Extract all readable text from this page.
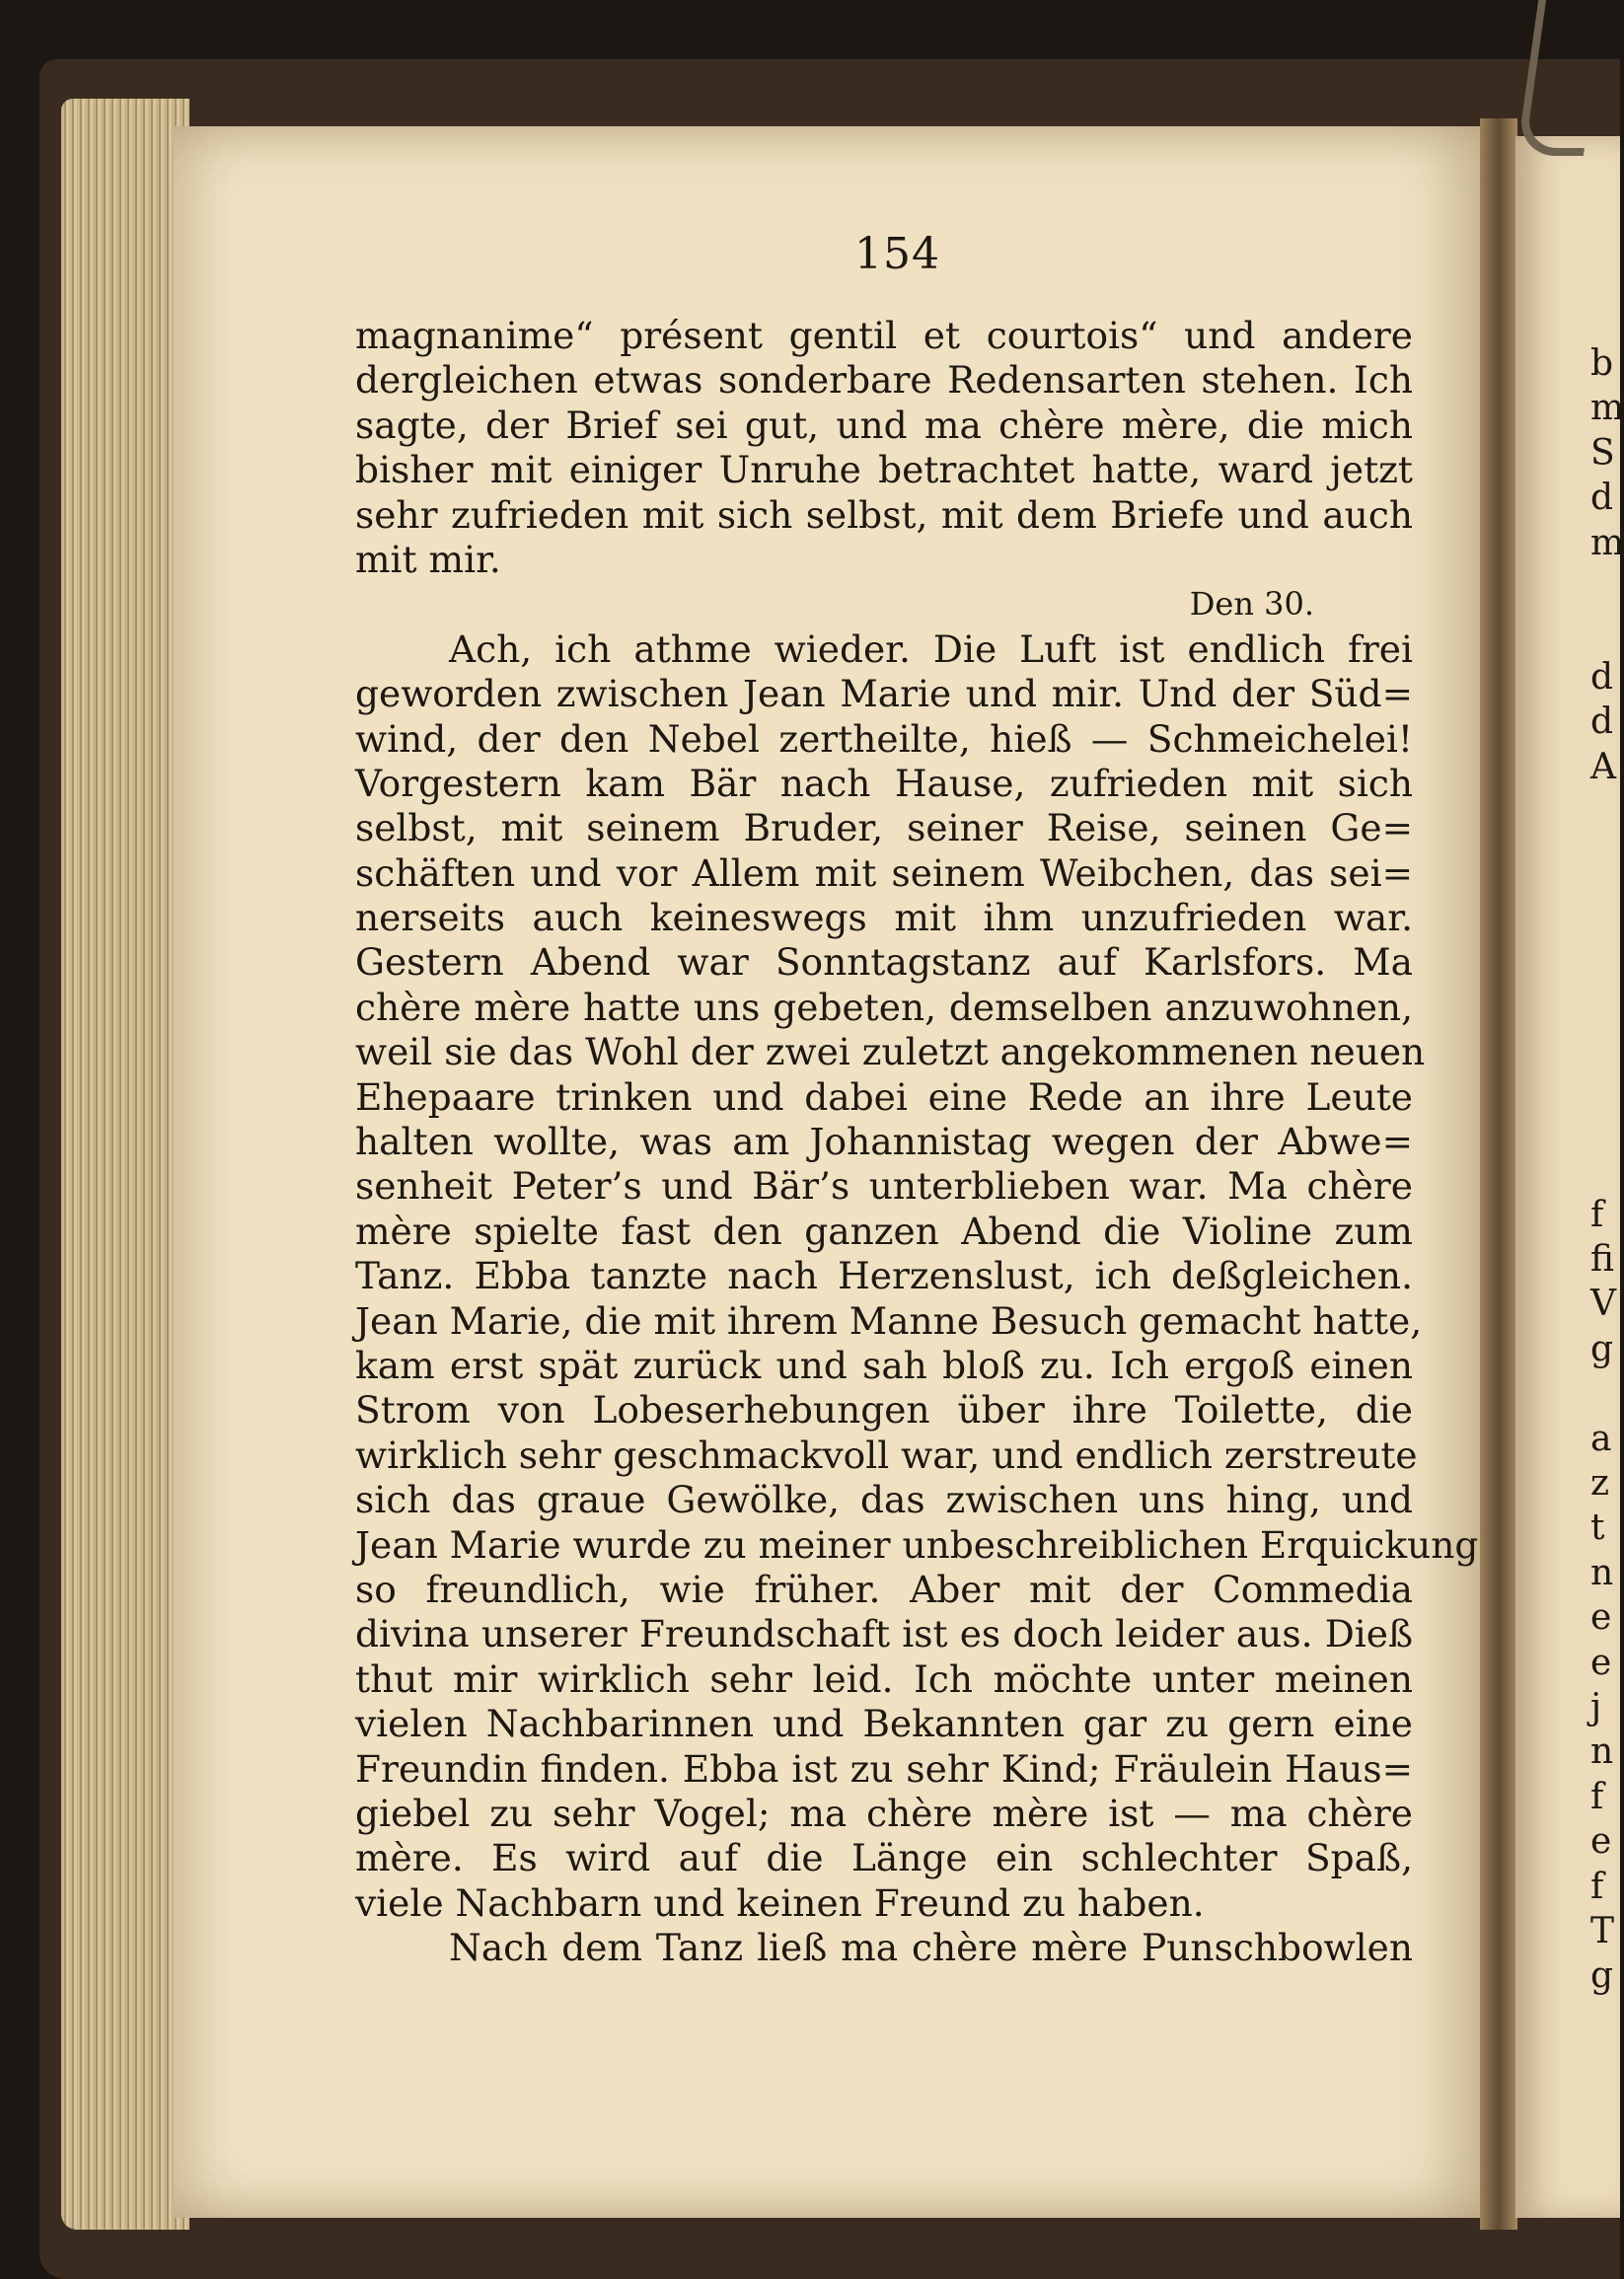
154
magnanime“ présent gentil et courtois“ und andere
dergleichen etwas sonderbare Redensarten stehen. Ich
sagte, der Brief sei gut, und ma chère mère, die mich
bisher mit einiger Unruhe betrachtet hatte, ward jetzt
sehr zufrieden mit sich selbst, mit dem Briefe und auch
mit mir.
Den 30.
Ach, ich athme wieder. Die Luft ist endlich frei
geworden zwischen Jean Marie und mir. Und der Süd=
wind, der den Nebel zertheilte, hieß — Schmeichelei!
Vorgestern kam Bär nach Hause, zufrieden mit sich
selbst, mit seinem Bruder, seiner Reise, seinen Ge=
schäften und vor Allem mit seinem Weibchen, das sei=
nerseits auch keineswegs mit ihm unzufrieden war.
Gestern Abend war Sonntagstanz auf Karlsfors. Ma
chère mère hatte uns gebeten, demselben anzuwohnen,
weil sie das Wohl der zwei zuletzt angekommenen neuen
Ehepaare trinken und dabei eine Rede an ihre Leute
halten wollte, was am Johannistag wegen der Abwe=
senheit Peter’s und Bär’s unterblieben war. Ma chère
mère spielte fast den ganzen Abend die Violine zum
Tanz. Ebba tanzte nach Herzenslust, ich deßgleichen.
Jean Marie, die mit ihrem Manne Besuch gemacht hatte,
kam erst spät zurück und sah bloß zu. Ich ergoß einen
Strom von Lobeserhebungen über ihre Toilette, die
wirklich sehr geschmackvoll war, und endlich zerstreute
sich das graue Gewölke, das zwischen uns hing, und
Jean Marie wurde zu meiner unbeschreiblichen Erquickung
so freundlich, wie früher. Aber mit der Commedia
divina unserer Freundschaft ist es doch leider aus. Dieß
thut mir wirklich sehr leid. Ich möchte unter meinen
vielen Nachbarinnen und Bekannten gar zu gern eine
Freundin finden. Ebba ist zu sehr Kind; Fräulein Haus=
giebel zu sehr Vogel; ma chère mère ist — ma chère
mère. Es wird auf die Länge ein schlechter Spaß,
viele Nachbarn und keinen Freund zu haben.
Nach dem Tanz ließ ma chère mère Punschbowlen
b
m
S
d
m
d
d
A
f
fi
V
g
a
z
t
n
e
e
j
n
f
e
f
T
g
